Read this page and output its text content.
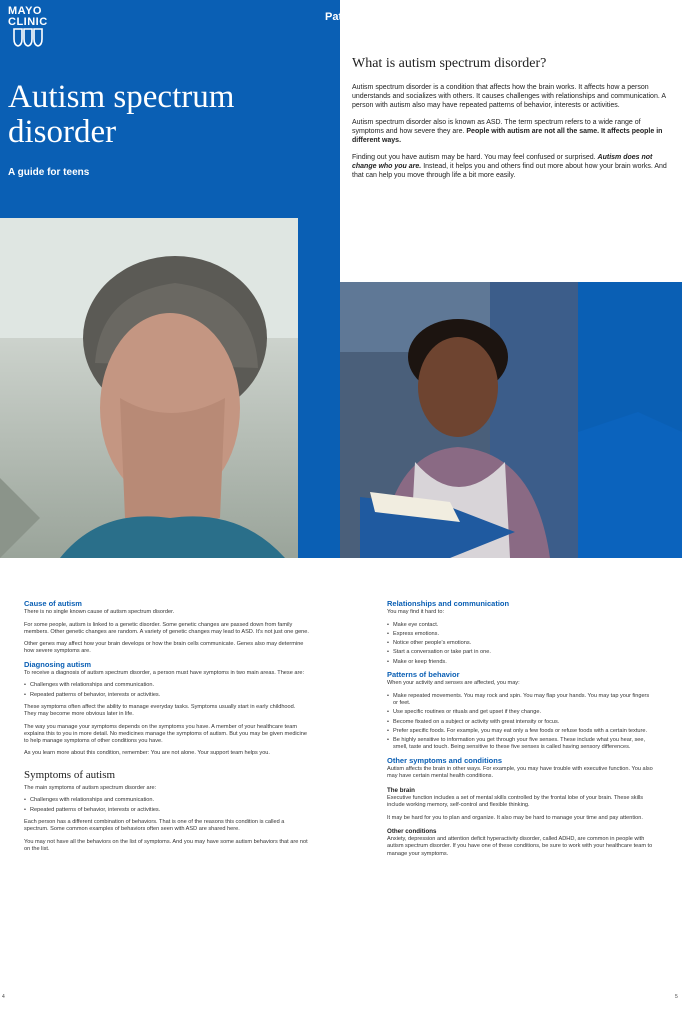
MAYO
CLINIC	Pat
Autism spectrum disorder
A guide for teens
What is autism spectrum disorder?

Autism spectrum disorder is a condition that affects how the brain works. It affects how a person understands and socializes with others. It causes challenges with relationships and communication. A person with autism also may have repeated patterns of behavior, interests or activities.

Autism spectrum disorder also is known as ASD. The term spectrum refers to a wide range of symptoms and how severe they are. People with autism are not all the same. It affects people in different ways.

Finding out you have autism may be hard. You may feel confused or surprised. Autism does not change who you are. Instead, it helps you and others find out more about how your brain works. And that can help you move through life a bit more easily.

Cause of autism

There is no single known cause of autism spectrum disorder.

For some people, autism is linked to a genetic disorder. Some genetic changes are passed down from family members. Other genetic changes are random. A variety of genetic changes may lead to ASD. It's not just one gene.

Other genes may affect how your brain develops or how the brain cells communicate. Genes also may determine how severe symptoms are.

Diagnosing autism

To receive a diagnosis of autism spectrum disorder, a person must have symptoms in two main areas. These are:

• Challenges with relationships and communication.
• Repeated patterns of behavior, interests or activities.

These symptoms often affect the ability to manage everyday tasks. Symptoms usually start in early childhood. They may become more obvious later in life.

The way you manage your symptoms depends on the symptoms you have. A member of your healthcare team explains this to you in more detail. No medicines manage the symptoms of autism. But you may be given medicine to help manage symptoms of other conditions you have.

As you learn more about this condition, remember: You are not alone. Your support team helps you.

Symptoms of autism

The main symptoms of autism spectrum disorder are:

• Challenges with relationships and communication.
• Repeated patterns of behavior, interests or activities.

Each person has a different combination of behaviors. That is one of the reasons this condition is called a spectrum. Some common examples of behaviors often seen with ASD are shared here.

You may not have all the behaviors on the list of symptoms. And you may have some autism behaviors that are not on the list.

4
Relationships and communication

You may find it hard to:

• Make eye contact.
• Express emotions.
• Notice other people's emotions.
• Start a conversation or take part in one.
• Make or keep friends.
Patterns of behavior

When your activity and senses are affected, you may:

• Make repeated movements. You may rock and spin. You may flap your hands. You may tap your fingers or feet.
• Use specific routines or rituals and get upset if they change.
• Become fixated on a subject or activity with great intensity or focus.
• Prefer specific foods. For example, you may eat only a few foods or refuse foods with a certain texture.
• Be highly sensitive to information you get through your five senses. These include what you hear, see, smell, taste and touch. Being sensitive to these five senses is called having sensory differences.
Other symptoms and conditions

Autism affects the brain in other ways. For example, you may have trouble with executive function. You also may have certain mental health conditions.

The brain

Executive function includes a set of mental skills controlled by the frontal lobe of your brain. These skills include working memory, self-control and flexible thinking.

It may be hard for you to plan and organize. It also may be hard to manage your time and pay attention.

Other conditions

Anxiety, depression and attention deficit hyperactivity disorder, called ADHD, are common in people with autism spectrum disorder. If you have one of these conditions, be sure to work with your healthcare team to manage your symptoms.

5
